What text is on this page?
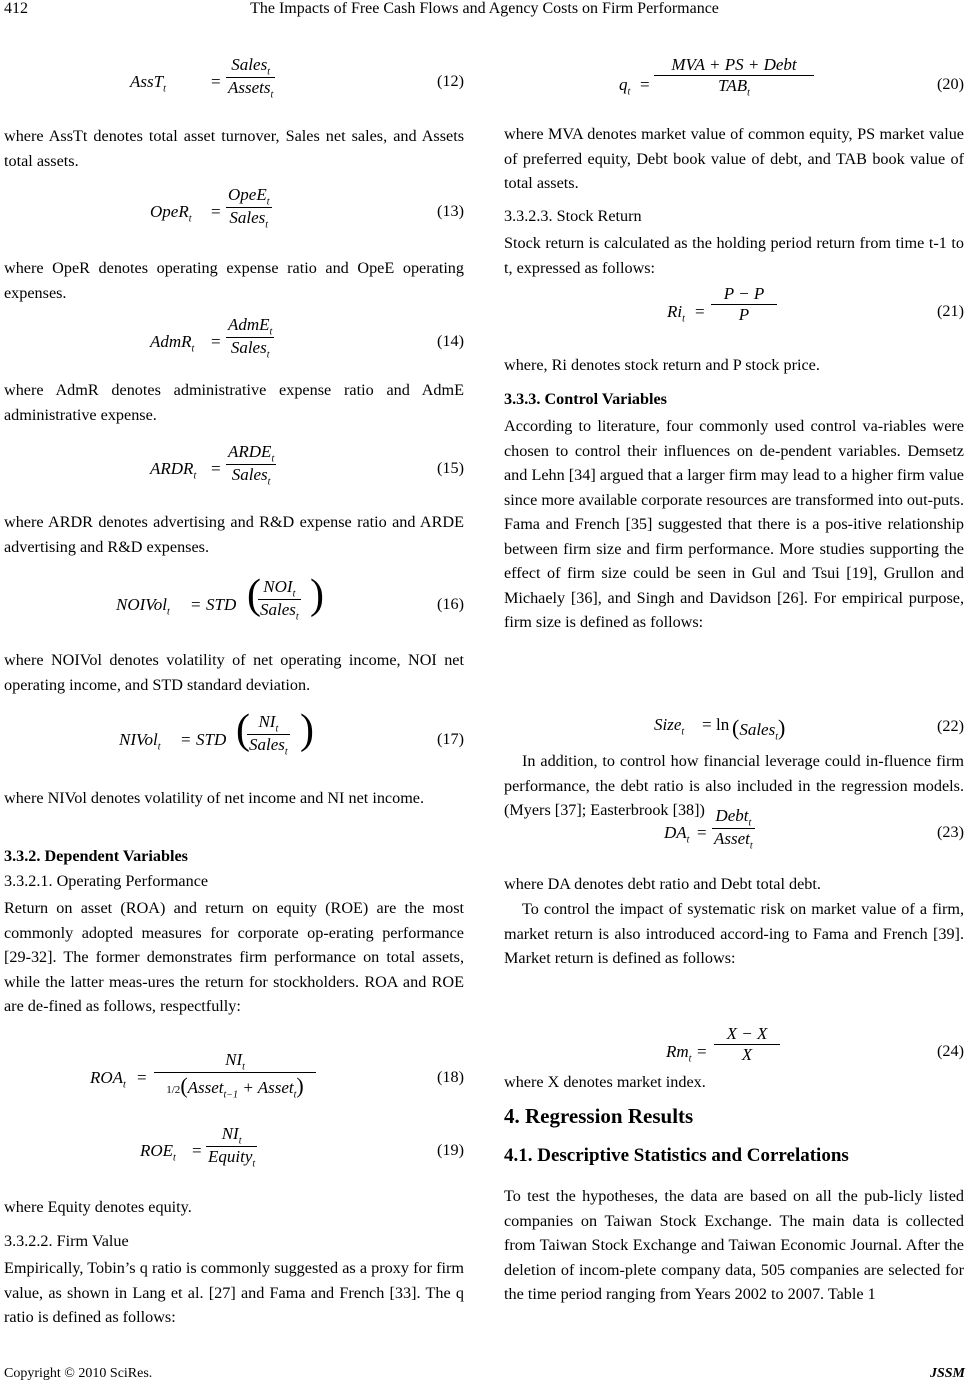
The Impacts of Free Cash Flows and Agency Costs on Firm Performance
412
AssT$_t$	=
Sales$_t$
Assets$_t$
(12)
where AssTt denotes total asset turnover, Sales net sales, and Assets total assets.
OpeR$_t$ =
OpeE$_t$
Sales$_t$
(13)
where OpeR denotes operating expense ratio and OpeE operating expenses.
AdmR$_t$ =
AdmE$_t$
Sales$_t$
(14)
where AdmR denotes administrative expense ratio and AdmE administrative expense.
$ARDR_t$ =
$ARDE_t$
Sales$_t$
(15)
where ARDR denotes advertising and R&D expense ratio and ARDE advertising and R&D expenses.
NOIVol$_t$ = STD ( $NOI_t$
Sales$_t$ )	(16)
where NOIVol denotes volatility of net operating income, NOI net operating income, and STD standard deviation.
NIVol$_t$ = STD ( $NI_t$
Sales$_t$ )	(17)
where NIVol denotes volatility of net income and NI net income.
3.3.2. Dependent Variables
3.3.2.1. Operating Performance
Return on asset (ROA) and return on equity (ROE) are the most commonly adopted measures for corporate op-erating performance [29-32]. The former demonstrates firm performance on total assets, while the latter meas-ures the return for stockholders. ROA and ROE are de-fined as follows, respectfully:
$ROA_t$ =
$NI_t$
1/2(Asset$_{t-1}$ + Asset$_t$)	(18)
$ROE_t$ =
$NI_t$
Equity$_t$
(19)
where Equity denotes equity.
3.3.2.2. Firm Value
Empirically, Tobin’s q ratio is commonly suggested as a proxy for firm value, as shown in Lang et al. [27] and Fama and French [33]. The q ratio is defined as follows:
$q_t$ =
MVA + PS + Debt
$TAB_t$	(20)
where MVA denotes market value of common equity, PS market value of preferred equity, Debt book value of debt, and TAB book value of total assets.
3.3.2.3. Stock Return
Stock return is calculated as the holding period return from time t-1 to t, expressed as follows:
$Ri_t = \frac{P - P}{P}$	(21)
where, Ri denotes stock return and P stock price.
3.3.3. Control Variables
According to literature, four commonly used control va-riables were chosen to control their influences on de-pendent variables. Demsetz and Lehn [34] argued that a larger firm may lead to a higher firm value since more available corporate resources are transformed into out-puts. Fama and French [35] suggested that there is a pos-itive relationship between firm size and firm performance. More studies supporting the effect of firm size could be seen in Gul and Tsui [19], Grullon and Michaely [36], and Singh and Davidson [26]. For empirical purpose, firm size is defined as follows:
Size$_t$ = ln (Sales$_t$)	(22)
In addition, to control how financial leverage could in-fluence firm performance, the debt ratio is also included in the regression models. (Myers [37]; Easterbrook [38])
$DA_t$ =
Debt$_t$
Asset$_t$
(23)
where DA denotes debt ratio and Debt total debt.
To control the impact of systematic risk on market value of a firm, market return is also introduced accord-ing to Fama and French [39]. Market return is defined as follows:
$Rm_t = \frac{X - X}{X}$	(24)
where X denotes market index.
4. Regression Results
4.1. Descriptive Statistics and Correlations
To test the hypotheses, the data are based on all the pub-licly listed companies on Taiwan Stock Exchange. The main data is collected from Taiwan Stock Exchange and Taiwan Economic Journal. After the deletion of incom-plete company data, 505 companies are selected for the time period ranging from Years 2002 to 2007. Table 1
Copyright © 2010 SciRes.	JSSM
